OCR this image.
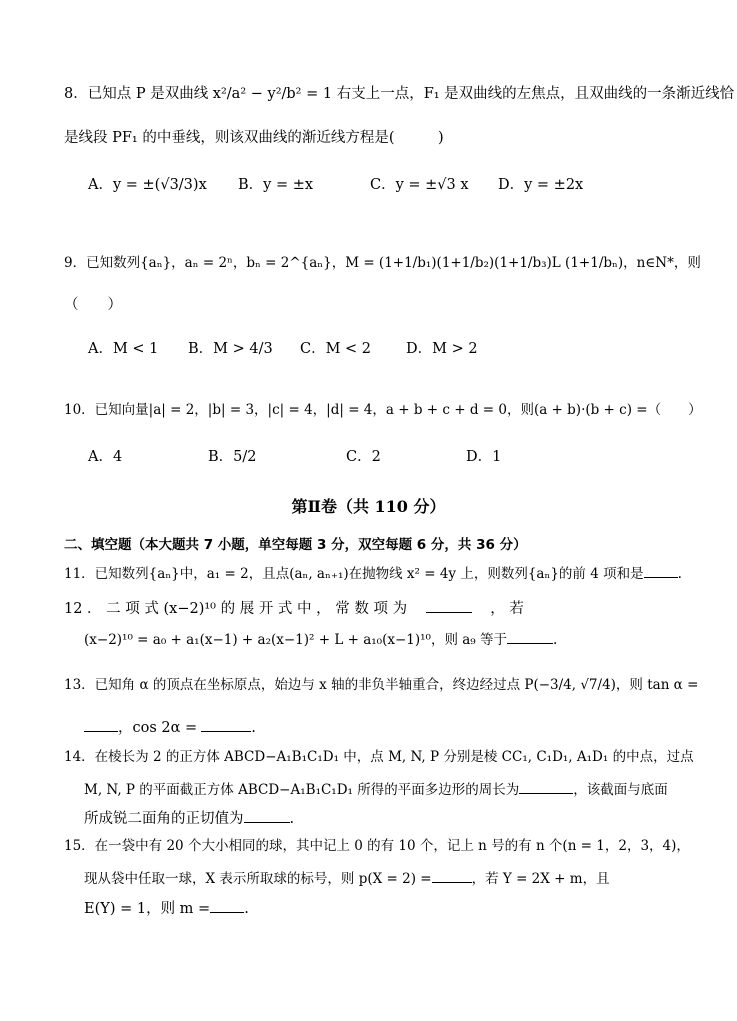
8．已知点 P 是双曲线 x²/a² − y²/b² = 1 右支上一点，F₁ 是双曲线的左焦点，且双曲线的一条渐近线恰
是线段 PF₁ 的中垂线，则该双曲线的渐近线方程是(　　　)
A．y = ±(√3/3)x B．y = ±x	C．y = ±√3 x D．y = ±2x
9．已知数列{aₙ}，aₙ = 2ⁿ，bₙ = 2^{aₙ}，M = (1+1/b₁)(1+1/b₂)(1+1/b₃)L (1+1/bₙ)，n∈N*，则
（　　）
A．M < 1 B．M > 4/3 C．M < 2 D．M > 2
10．已知向量|a| = 2，|b| = 3，|c| = 4，|d| = 4，a + b + c + d = 0，则(a + b)·(b + c) =（　　）
A．4	B．5/2	C．2	D．1
第Ⅱ卷（共 110 分）
二、填空题（本大题共 7 小题，单空每题 3 分，双空每题 6 分，共 36 分）
11．已知数列{aₙ}中，a₁ = 2，且点(aₙ, aₙ₊₁)在抛物线 x² = 4y 上，则数列{aₙ}的前 4 项和是	.
12 ． 二 项 式 (x−2)¹⁰ 的 展 开 式 中 ， 常 数 项 为	， 若
(x−2)¹⁰ = a₀ + a₁(x−1) + a₂(x−1)² + L + a₁₀(x−1)¹⁰，则 a₉ 等于	.
13．已知角 α 的顶点在坐标原点，始边与 x 轴的非负半轴重合，终边经过点 P(−3/4, √7/4)，则 tan α =
，cos 2α =	.
14．在棱长为 2 的正方体 ABCD−A₁B₁C₁D₁ 中，点 M, N, P 分别是棱 CC₁, C₁D₁, A₁D₁ 的中点，过点
M, N, P 的平面截正方体 ABCD−A₁B₁C₁D₁ 所得的平面多边形的周长为	，该截面与底面
所成锐二面角的正切值为	.
15．在一袋中有 20 个大小相同的球，其中记上 0 的有 10 个，记上 n 号的有 n 个(n = 1，2，3，4)，
现从袋中任取一球，X 表示所取球的标号，则 p(X = 2) =	，若 Y = 2X + m，且
E(Y) = 1，则 m = .
